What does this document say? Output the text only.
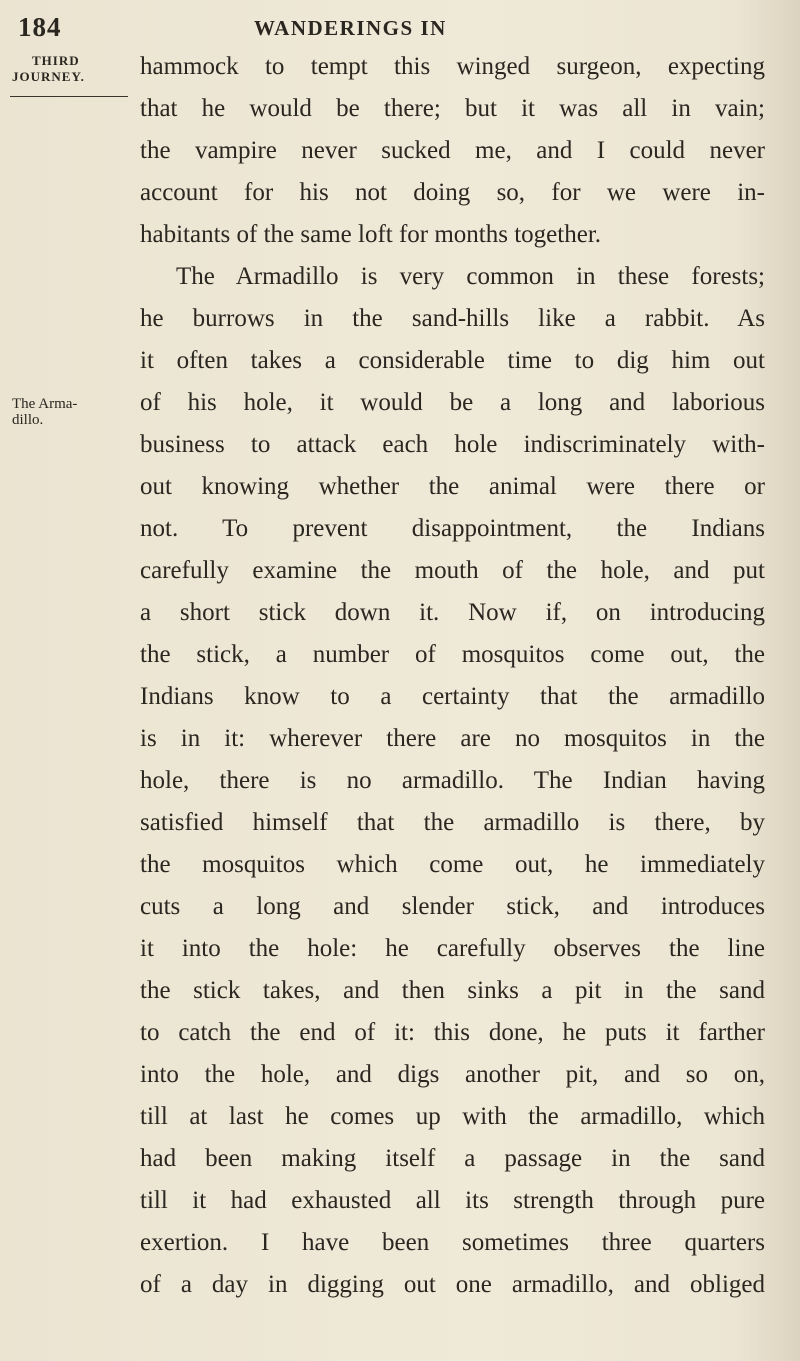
184	WANDERINGS IN
THIRD
JOURNEY.
The Arma-
dillo.
hammock to tempt this winged surgeon, expecting
that he would be there; but it was all in vain;
the vampire never sucked me, and I could never
account for his not doing so, for we were in-
habitants of the same loft for months together.
The Armadillo is very common in these forests;
he burrows in the sand-hills like a rabbit. As
it often takes a considerable time to dig him out
of his hole, it would be a long and laborious
business to attack each hole indiscriminately with-
out knowing whether the animal were there or
not. To prevent disappointment, the Indians
carefully examine the mouth of the hole, and put
a short stick down it. Now if, on introducing
the stick, a number of mosquitos come out, the
Indians know to a certainty that the armadillo
is in it: wherever there are no mosquitos in the
hole, there is no armadillo. The Indian having
satisfied himself that the armadillo is there, by
the mosquitos which come out, he immediately
cuts a long and slender stick, and introduces
it into the hole: he carefully observes the line
the stick takes, and then sinks a pit in the sand
to catch the end of it: this done, he puts it farther
into the hole, and digs another pit, and so on,
till at last he comes up with the armadillo, which
had been making itself a passage in the sand
till it had exhausted all its strength through pure
exertion. I have been sometimes three quarters
of a day in digging out one armadillo, and obliged
